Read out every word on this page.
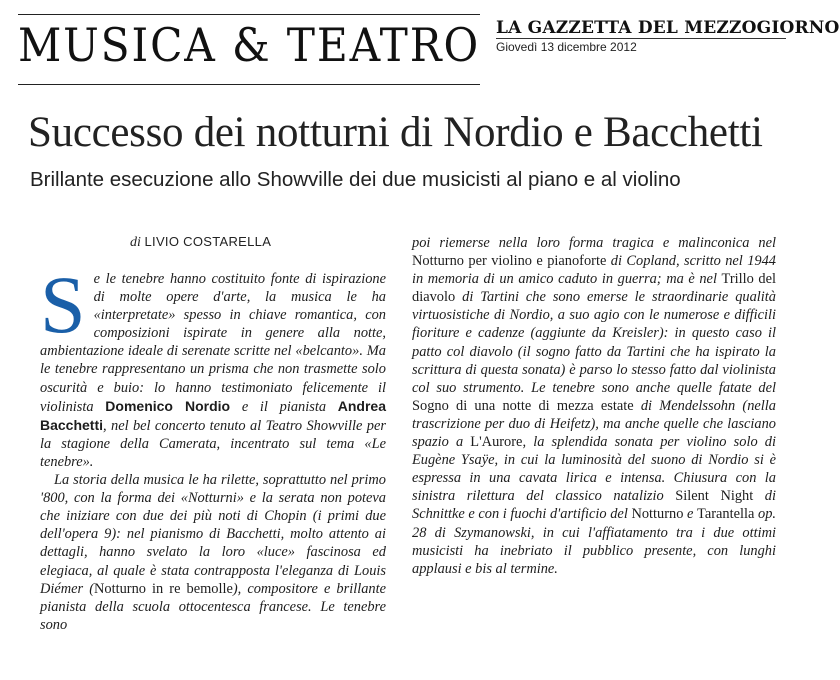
MUSICA & TEATRO LA GAZZETTA DEL MEZZOGIORNO
Giovedì 13 dicembre 2012
Successo dei notturni di Nordio e Bacchetti
Brillante esecuzione allo Showville dei due musicisti al piano e al violino
di LIVIO COSTARELLA

Se le tenebre hanno costituito fonte di ispirazione di molte opere d'arte, la musica le ha «interpretate» spesso in chiave romantica, con composizioni ispirate in genere alla notte, ambientazione ideale di serenate scritte nel «belcanto». Ma le tenebre rappresentano un prisma che non trasmette solo oscurità e buio: lo hanno testimoniato felicemente il violinista Domenico Nordio e il pianista Andrea Bacchetti, nel bel concerto tenuto al Teatro Showville per la stagione della Camerata, incentrato sul tema «Le tenebre».

La storia della musica le ha rilette, soprattutto nel primo '800, con la forma dei «Notturni» e la serata non poteva che iniziare con due dei più noti di Chopin (i primi due dell'opera 9): nel pianismo di Bacchetti, molto attento ai dettagli, hanno svelato la loro «luce» fascinosa ed elegiaca, al quale è stata contrapposta l'eleganza di Louis Diémer (Notturno in re bemolle), compositore e brillante pianista della scuola ottocentesca francese. Le tenebre sono

poi riemerse nella loro forma tragica e malinconica nel Notturno per violino e pianoforte di Copland, scritto nel 1944 in memoria di un amico caduto in guerra; ma è nel Trillo del diavolo di Tartini che sono emerse le straordinarie qualità virtuosistiche di Nordio, a suo agio con le numerose e difficili fioriture e cadenze (aggiunte da Kreisler): in questo caso il patto col diavolo (il sogno fatto da Tartini che ha ispirato la scrittura di questa sonata) è parso lo stesso fatto dal violinista col suo strumento. Le tenebre sono anche quelle fatate del Sogno di una notte di mezza estate di Mendelssohn (nella trascrizione per duo di Heifetz), ma anche quelle che lasciano spazio a L'Aurore, la splendida sonata per violino solo di Eugène Ysaÿe, in cui la luminosità del suono di Nordio si è espressa in una cavata lirica e intensa. Chiusura con la sinistra rilettura del classico natalizio Silent Night di Schnittke e con i fuochi d'artificio del Notturno e Tarantella op. 28 di Szymanowski, in cui l'affiatamento tra i due ottimi musicisti ha inebriato il pubblico presente, con lunghi applausi e bis al termine.
